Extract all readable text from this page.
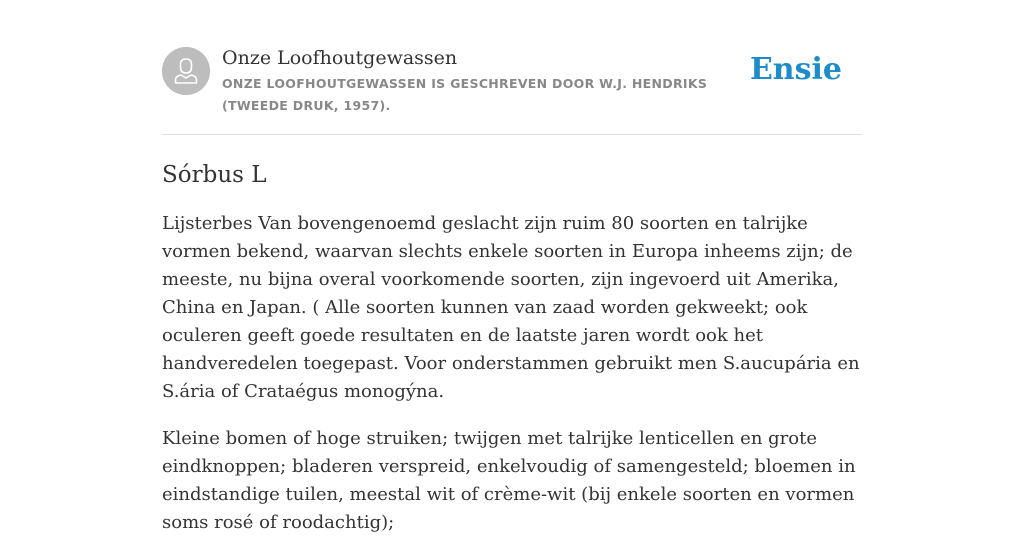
Onze Loofhoutgewassen
ONZE LOOFHOUTGEWASSEN IS GESCHREVEN DOOR W.J. HENDRIKS (TWEEDE DRUK, 1957).
Ensie
Sórbus L

Lijsterbes Van bovengenoemd geslacht zijn ruim 80 soorten en talrijke vormen bekend, waarvan slechts enkele soorten in Europa inheems zijn; de meeste, nu bijna overal voorkomende soorten, zijn ingevoerd uit Amerika, China en Japan. ( Alle soorten kunnen van zaad worden gekweekt; ook oculeren geeft goede resultaten en de laatste jaren wordt ook het handveredelen toegepast. Voor onderstammen gebruikt men S.aucupária en S.ária of Crataégus monogýna.

Kleine bomen of hoge struiken; twijgen met talrijke lenticellen en grote eindknoppen; bladeren verspreid, enkelvoudig of samengesteld; bloemen in eindstandige tuilen, meestal wit of crème-wit (bij enkele soorten en vormen soms rosé of roodachtig);
